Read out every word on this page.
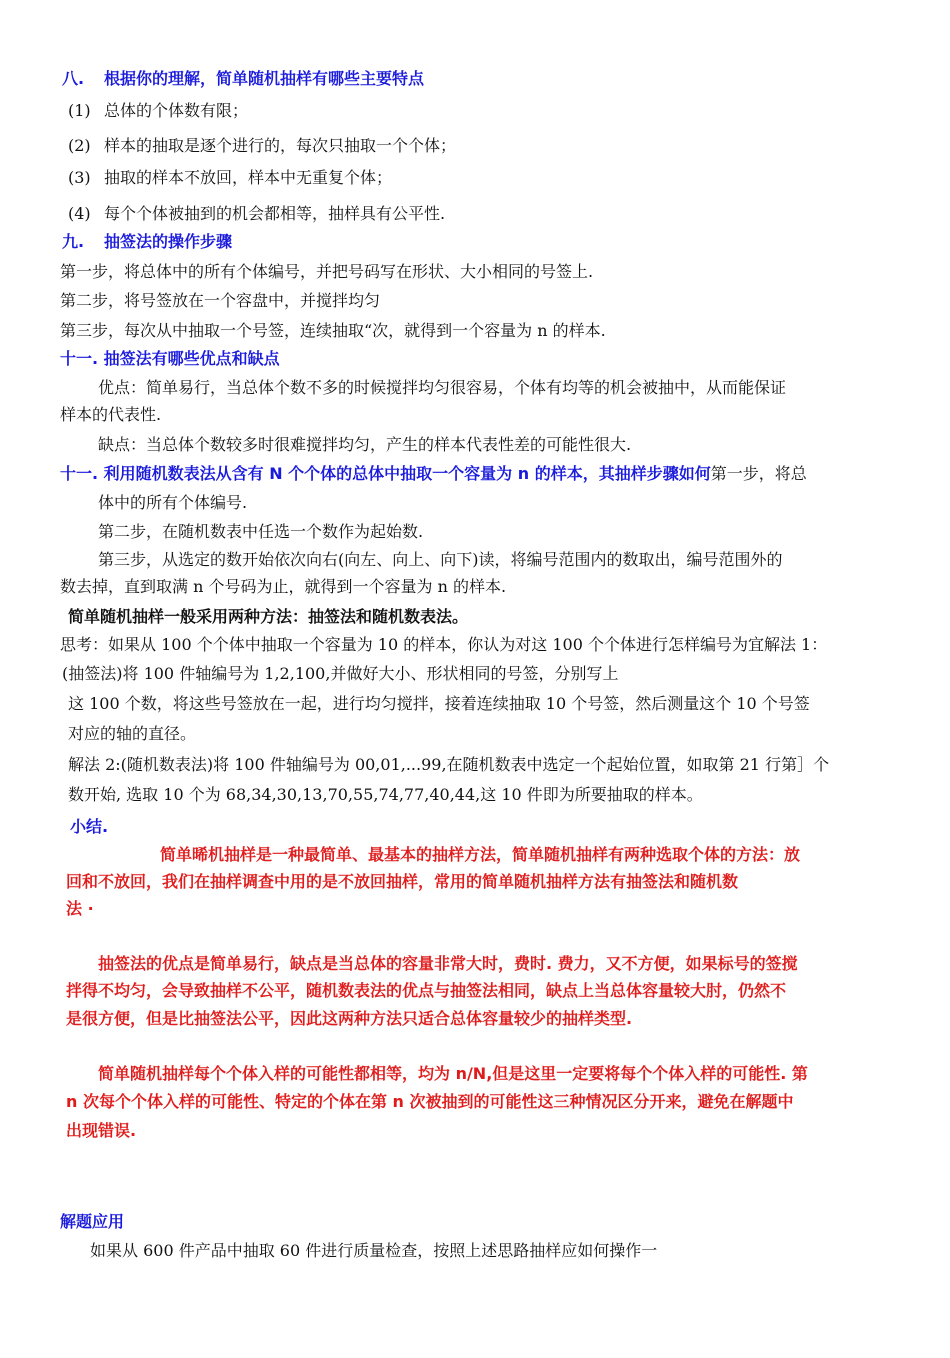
八. 根据你的理解，简单随机抽样有哪些主要特点
(1) 总体的个体数有限；
(2) 样本的抽取是逐个进行的，每次只抽取一个个体；
(3) 抽取的样本不放回，样本中无重复个体；
(4) 每个个体被抽到的机会都相等，抽样具有公平性.
九. 抽签法的操作步骤
第一步，将总体中的所有个体编号，并把号码写在形状、大小相同的号签上.
第二步，将号签放在一个容盘中，并搅拌均匀
第三步，每次从中抽取一个号签，连续抽取“次，就得到一个容量为 n 的样本.
十一. 抽签法有哪些优点和缺点
优点：简单易行，当总体个数不多的时候搅拌均匀很容易，个体有均等的机会被抽中，从而能保证
样本的代表性.
缺点：当总体个数较多时很难搅拌均匀，产生的样本代表性差的可能性很大.
十一. 利用随机数表法从含有 N 个个体的总体中抽取一个容量为 n 的样本，其抽样步骤如何第一步，将总
体中的所有个体编号.
第二步，在随机数表中任选一个数作为起始数.
第三步，从选定的数开始依次向右(向左、向上、向下)读，将编号范围内的数取出，编号范围外的
数去掉，直到取满 n 个号码为止，就得到一个容量为 n 的样本.
简单随机抽样一般采用两种方法：抽签法和随机数表法。
思考：如果从 100 个个体中抽取一个容量为 10 的样本，你认为对这 100 个个体进行怎样编号为宜解法 1：
(抽签法)将 100 件轴编号为 1,2,100,并做好大小、形状相同的号签，分别写上
这 100 个数，将这些号签放在一起，进行均匀搅拌，接着连续抽取 10 个号签，然后测量这个 10 个号签
对应的轴的直径。
解法 2:(随机数表法)将 100 件轴编号为 00,01,...99,在随机数表中选定一个起始位置，如取第 21 行第］个
数开始, 选取 10 个为 68,34,30,13,70,55,74,77,40,44,这 10 件即为所要抽取的样本。
小结.
简单晞机抽样是一种最简单、最基本的抽样方法，简单随机抽样有两种选取个体的方法：放
回和不放回，我们在抽样调查中用的是不放回抽样，常用的简单随机抽样方法有抽签法和随机数
法 ·
抽签法的优点是简单易行，缺点是当总体的容量非常大时，费时. 费力，又不方便，如果标号的签搅
拌得不均匀，会导致抽样不公平，随机数表法的优点与抽签法相同，缺点上当总体容量较大肘，仍然不
是很方便，但是比抽签法公平，因此这两种方法只适合总体容量较少的抽样类型.
简单随机抽样每个个体入样的可能性都相等，均为 n/N,但是这里一定要将每个个体入样的可能性. 第
n 次每个个体入样的可能性、特定的个体在第 n 次被抽到的可能性这三种情况区分开来，避免在解题中
出现错误.
解题应用
如果从 600 件产品中抽取 60 件进行质量检查，按照上述思路抽样应如何操作一
